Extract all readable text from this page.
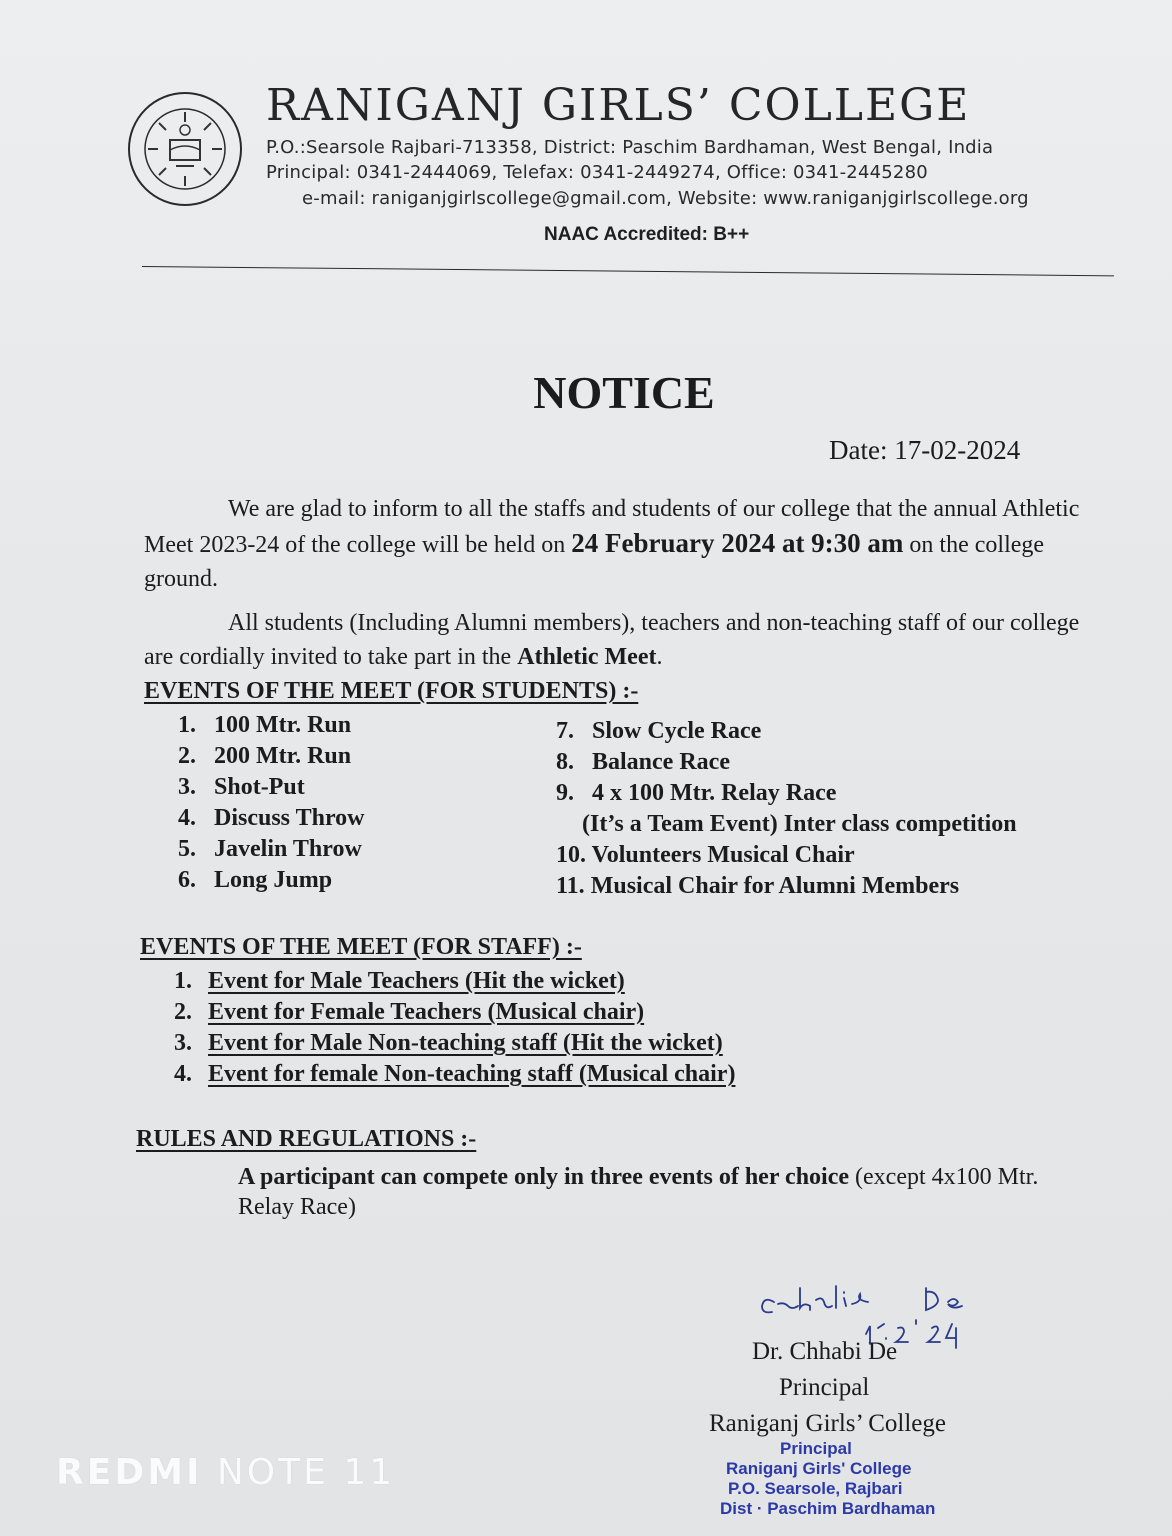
RANIGANJ GIRLS’ COLLEGE
P.O.:Searsole Rajbari-713358, District: Paschim Bardhaman, West Bengal, India
Principal: 0341-2444069, Telefax: 0341-2449274, Office: 0341-2445280
e-mail: raniganjgirlscollege@gmail.com, Website: www.raniganjgirlscollege.org
NAAC Accredited: B++
NOTICE
Date: 17-02-2024
We are glad to inform to all the staffs and students of our college that the annual Athletic Meet 2023-24 of the college will be held on 24 February 2024 at 9:30 am on the college ground.
All students (Including Alumni members), teachers and non-teaching staff of our college are cordially invited to take part in the Athletic Meet.
EVENTS OF THE MEET (FOR STUDENTS) :-
1. 100 Mtr. Run
2. 200 Mtr. Run
3. Shot-Put
4. Discuss Throw
5. Javelin Throw
6. Long Jump
7. Slow Cycle Race
8. Balance Race
9. 4 x 100 Mtr. Relay Race
(It’s a Team Event) Inter class competition
10. Volunteers Musical Chair
11. Musical Chair for Alumni Members
EVENTS OF THE MEET (FOR STAFF) :-
1. Event for Male Teachers (Hit the wicket)
2. Event for Female Teachers (Musical chair)
3. Event for Male Non-teaching staff (Hit the wicket)
4. Event for female Non-teaching staff (Musical chair)
RULES AND REGULATIONS :-
A participant can compete only in three events of her choice (except 4x100 Mtr. Relay Race)
Dr. Chhabi De
Principal
Raniganj Girls’ College
Principal
Raniganj Girls' College
P.O. Searsole, Rajbari
Dist · Paschim Bardhaman
REDMI NOTE 11
